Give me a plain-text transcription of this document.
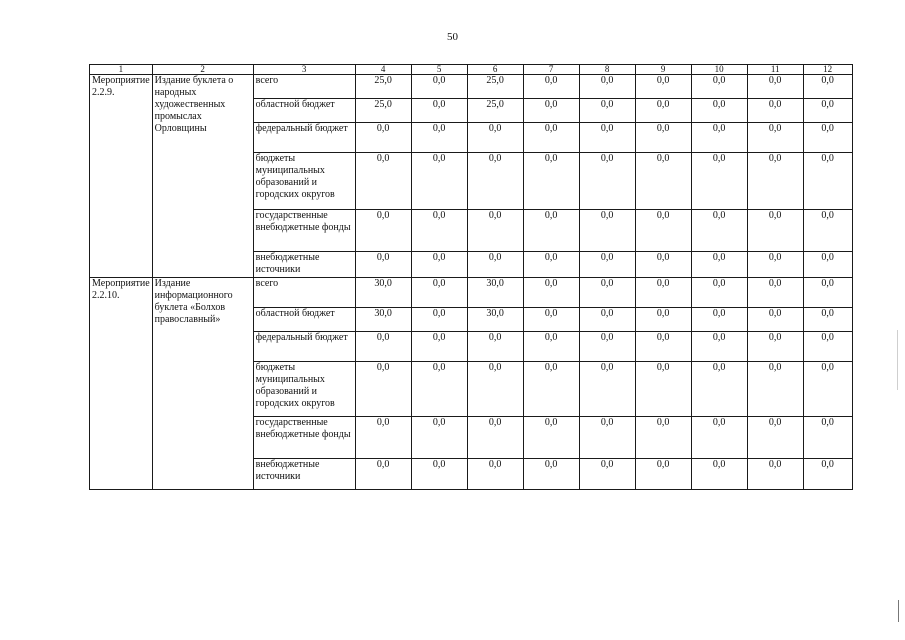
50
1	2	3	4	5	6	7	8	9	10	11	12
Мероприятие 2.2.9.	Издание буклета о народных художественных промыслах Орловщины	всего	25,0	0,0	25,0	0,0	0,0	0,0	0,0	0,0	0,0
		областной бюджет	25,0	0,0	25,0	0,0	0,0	0,0	0,0	0,0	0,0
		федеральный бюджет	0,0	0,0	0,0	0,0	0,0	0,0	0,0	0,0	0,0
		бюджеты муниципальных образований и городских округов	0,0	0,0	0,0	0,0	0,0	0,0	0,0	0,0	0,0
		государственные внебюджетные фонды	0,0	0,0	0,0	0,0	0,0	0,0	0,0	0,0	0,0
		внебюджетные источники	0,0	0,0	0,0	0,0	0,0	0,0	0,0	0,0	0,0
Мероприятие 2.2.10.	Издание информационного буклета «Болхов православный»	всего	30,0	0,0	30,0	0,0	0,0	0,0	0,0	0,0	0,0
		областной бюджет	30,0	0,0	30,0	0,0	0,0	0,0	0,0	0,0	0,0
		федеральный бюджет	0,0	0,0	0,0	0,0	0,0	0,0	0,0	0,0	0,0
		бюджеты муниципальных образований и городских округов	0,0	0,0	0,0	0,0	0,0	0,0	0,0	0,0	0,0
		государственные внебюджетные фонды	0,0	0,0	0,0	0,0	0,0	0,0	0,0	0,0	0,0
		внебюджетные источники	0,0	0,0	0,0	0,0	0,0	0,0	0,0	0,0	0,0
